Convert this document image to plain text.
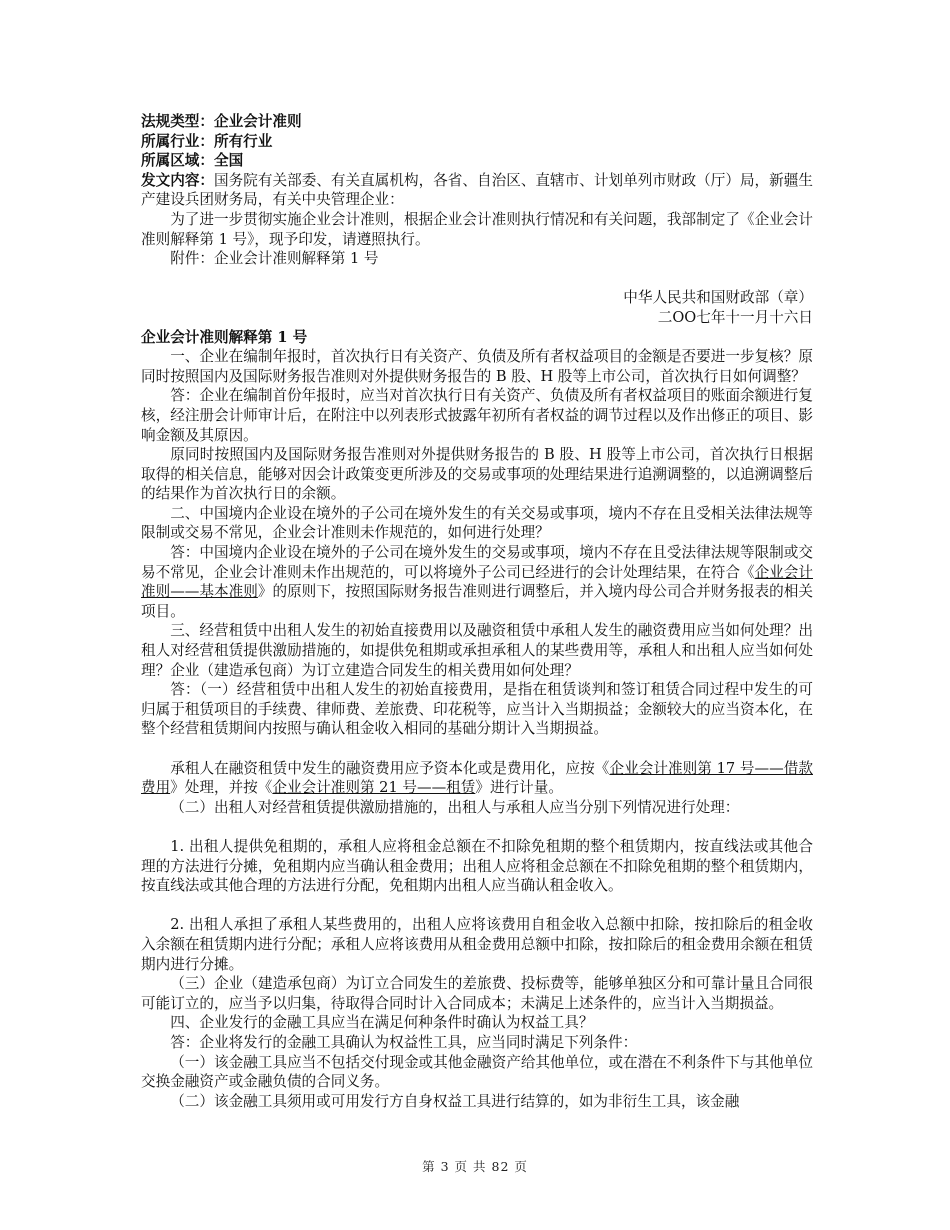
法规类型：企业会计准则

所属行业：所有行业

所属区域：全国

发文内容：国务院有关部委、有关直属机构，各省、自治区、直辖市、计划单列市财政（厅）局，新疆生产建设兵团财务局，有关中央管理企业：

为了进一步贯彻实施企业会计准则，根据企业会计准则执行情况和有关问题，我部制定了《企业会计准则解释第 1 号》，现予印发，请遵照执行。

附件：企业会计准则解释第 1 号

中华人民共和国财政部（章）

二OO七年十一月十六日

企业会计准则解释第 1 号

一、企业在编制年报时，首次执行日有关资产、负债及所有者权益项目的金额是否要进一步复核？原同时按照国内及国际财务报告准则对外提供财务报告的 B 股、H 股等上市公司，首次执行日如何调整？

答：企业在编制首份年报时，应当对首次执行日有关资产、负债及所有者权益项目的账面余额进行复核，经注册会计师审计后，在附注中以列表形式披露年初所有者权益的调节过程以及作出修正的项目、影响金额及其原因。

原同时按照国内及国际财务报告准则对外提供财务报告的 B 股、H 股等上市公司，首次执行日根据取得的相关信息，能够对因会计政策变更所涉及的交易或事项的处理结果进行追溯调整的，以追溯调整后的结果作为首次执行日的余额。

二、中国境内企业设在境外的子公司在境外发生的有关交易或事项，境内不存在且受相关法律法规等限制或交易不常见，企业会计准则未作规范的，如何进行处理？

答：中国境内企业设在境外的子公司在境外发生的交易或事项，境内不存在且受法律法规等限制或交易不常见，企业会计准则未作出规范的，可以将境外子公司已经进行的会计处理结果，在符合《企业会计准则——基本准则》的原则下，按照国际财务报告准则进行调整后，并入境内母公司合并财务报表的相关项目。

三、经营租赁中出租人发生的初始直接费用以及融资租赁中承租人发生的融资费用应当如何处理？出租人对经营租赁提供激励措施的，如提供免租期或承担承租人的某些费用等，承租人和出租人应当如何处理？企业（建造承包商）为订立建造合同发生的相关费用如何处理？

答：（一）经营租赁中出租人发生的初始直接费用，是指在租赁谈判和签订租赁合同过程中发生的可归属于租赁项目的手续费、律师费、差旅费、印花税等，应当计入当期损益；金额较大的应当资本化，在整个经营租赁期间内按照与确认租金收入相同的基础分期计入当期损益。

承租人在融资租赁中发生的融资费用应予资本化或是费用化，应按《企业会计准则第 17 号——借款费用》处理，并按《企业会计准则第 21 号——租赁》进行计量。

（二）出租人对经营租赁提供激励措施的，出租人与承租人应当分别下列情况进行处理：

1. 出租人提供免租期的，承租人应将租金总额在不扣除免租期的整个租赁期内，按直线法或其他合理的方法进行分摊，免租期内应当确认租金费用；出租人应将租金总额在不扣除免租期的整个租赁期内，按直线法或其他合理的方法进行分配，免租期内出租人应当确认租金收入。

2. 出租人承担了承租人某些费用的，出租人应将该费用自租金收入总额中扣除，按扣除后的租金收入余额在租赁期内进行分配；承租人应将该费用从租金费用总额中扣除，按扣除后的租金费用余额在租赁期内进行分摊。

（三）企业（建造承包商）为订立合同发生的差旅费、投标费等，能够单独区分和可靠计量且合同很可能订立的，应当予以归集，待取得合同时计入合同成本；未满足上述条件的，应当计入当期损益。

四、企业发行的金融工具应当在满足何种条件时确认为权益工具？

答：企业将发行的金融工具确认为权益性工具，应当同时满足下列条件：

（一）该金融工具应当不包括交付现金或其他金融资产给其他单位，或在潜在不利条件下与其他单位交换金融资产或金融负债的合同义务。

（二）该金融工具须用或可用发行方自身权益工具进行结算的，如为非衍生工具，该金融

第 3 页 共 82 页
